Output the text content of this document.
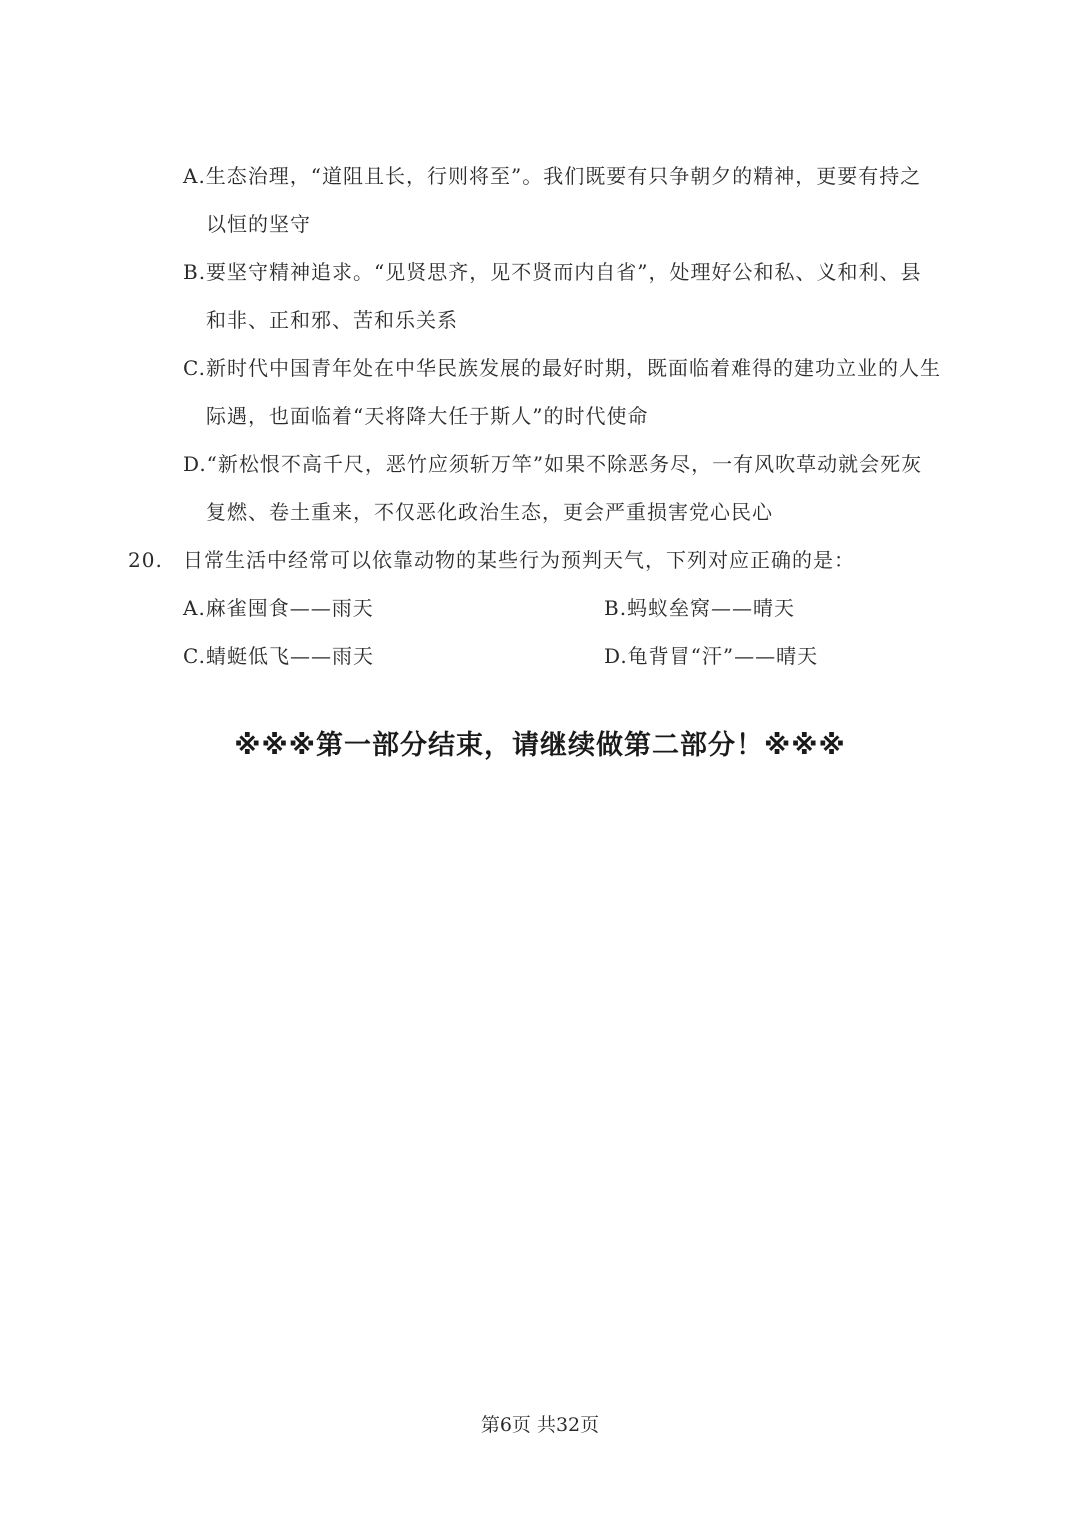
A.生态治理，“道阻且长，行则将至”。我们既要有只争朝夕的精神，更要有持之
以恒的坚守
B.要坚守精神追求。“见贤思齐，见不贤而内自省”，处理好公和私、义和利、县
和非、正和邪、苦和乐关系
C.新时代中国青年处在中华民族发展的最好时期，既面临着难得的建功立业的人生
际遇，也面临着“天将降大任于斯人”的时代使命
D.“新松恨不高千尺，恶竹应须斩万竿”如果不除恶务尽，一有风吹草动就会死灰
复燃、卷土重来，不仅恶化政治生态，更会严重损害党心民心
20. 日常生活中经常可以依靠动物的某些行为预判天气，下列对应正确的是：
A.麻雀囤食——雨天	B.蚂蚁垒窝——晴天
C.蜻蜓低飞——雨天	D.龟背冒“汗”——晴天
※※※第一部分结束，请继续做第二部分！※※※
第6页 共32页
